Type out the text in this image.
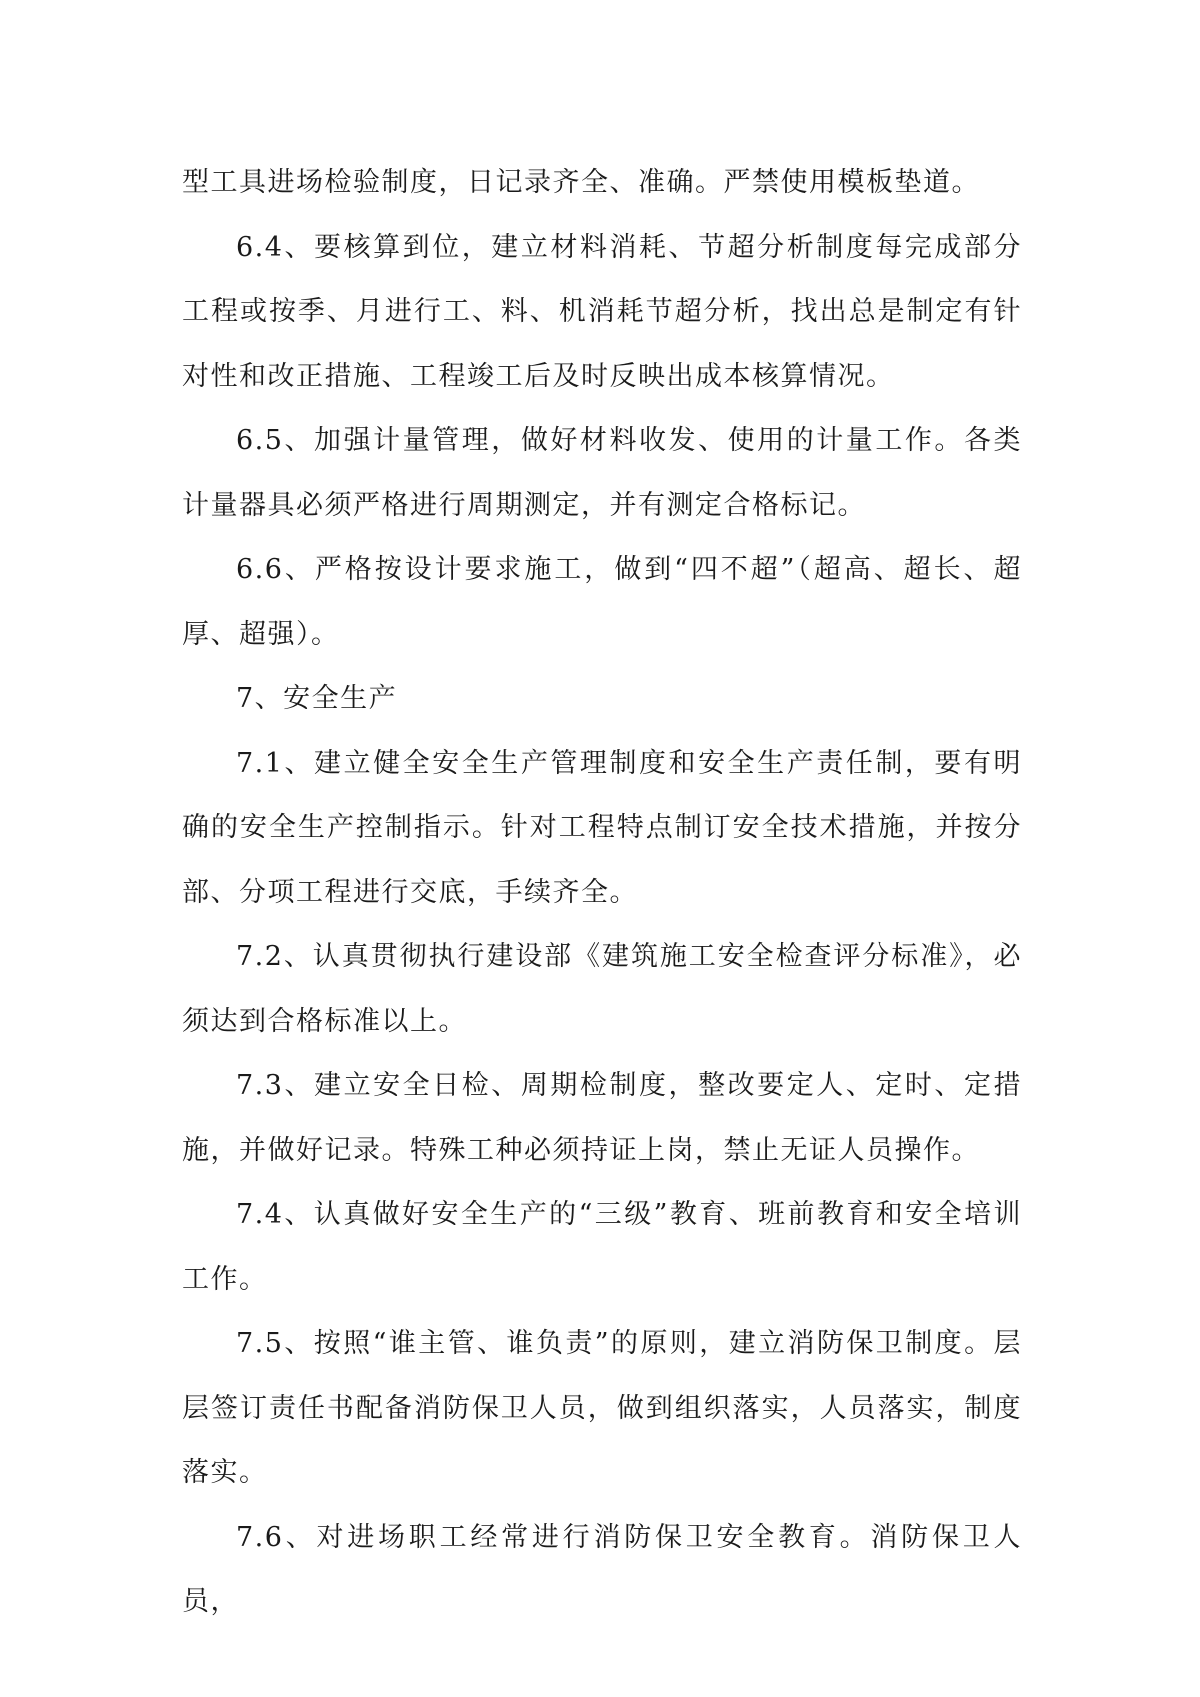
型工具进场检验制度，日记录齐全、准确。严禁使用模板垫道。

6.4、要核算到位，建立材料消耗、节超分析制度每完成部分工程或按季、月进行工、料、机消耗节超分析，找出总是制定有针对性和改正措施、工程竣工后及时反映出成本核算情况。

6.5、加强计量管理，做好材料收发、使用的计量工作。各类计量器具必须严格进行周期测定，并有测定合格标记。

6.6、严格按设计要求施工，做到“四不超”（超高、超长、超厚、超强）。

7、安全生产

7.1、建立健全安全生产管理制度和安全生产责任制，要有明确的安全生产控制指示。针对工程特点制订安全技术措施，并按分部、分项工程进行交底，手续齐全。

7.2、认真贯彻执行建设部《建筑施工安全检查评分标准》，必须达到合格标准以上。

7.3、建立安全日检、周期检制度，整改要定人、定时、定措施，并做好记录。特殊工种必须持证上岗，禁止无证人员操作。

7.4、认真做好安全生产的“三级”教育、班前教育和安全培训工作。

7.5、按照“谁主管、谁负责”的原则，建立消防保卫制度。层层签订责任书配备消防保卫人员，做到组织落实，人员落实，制度落实。

7.6、对进场职工经常进行消防保卫安全教育。消防保卫人员，
